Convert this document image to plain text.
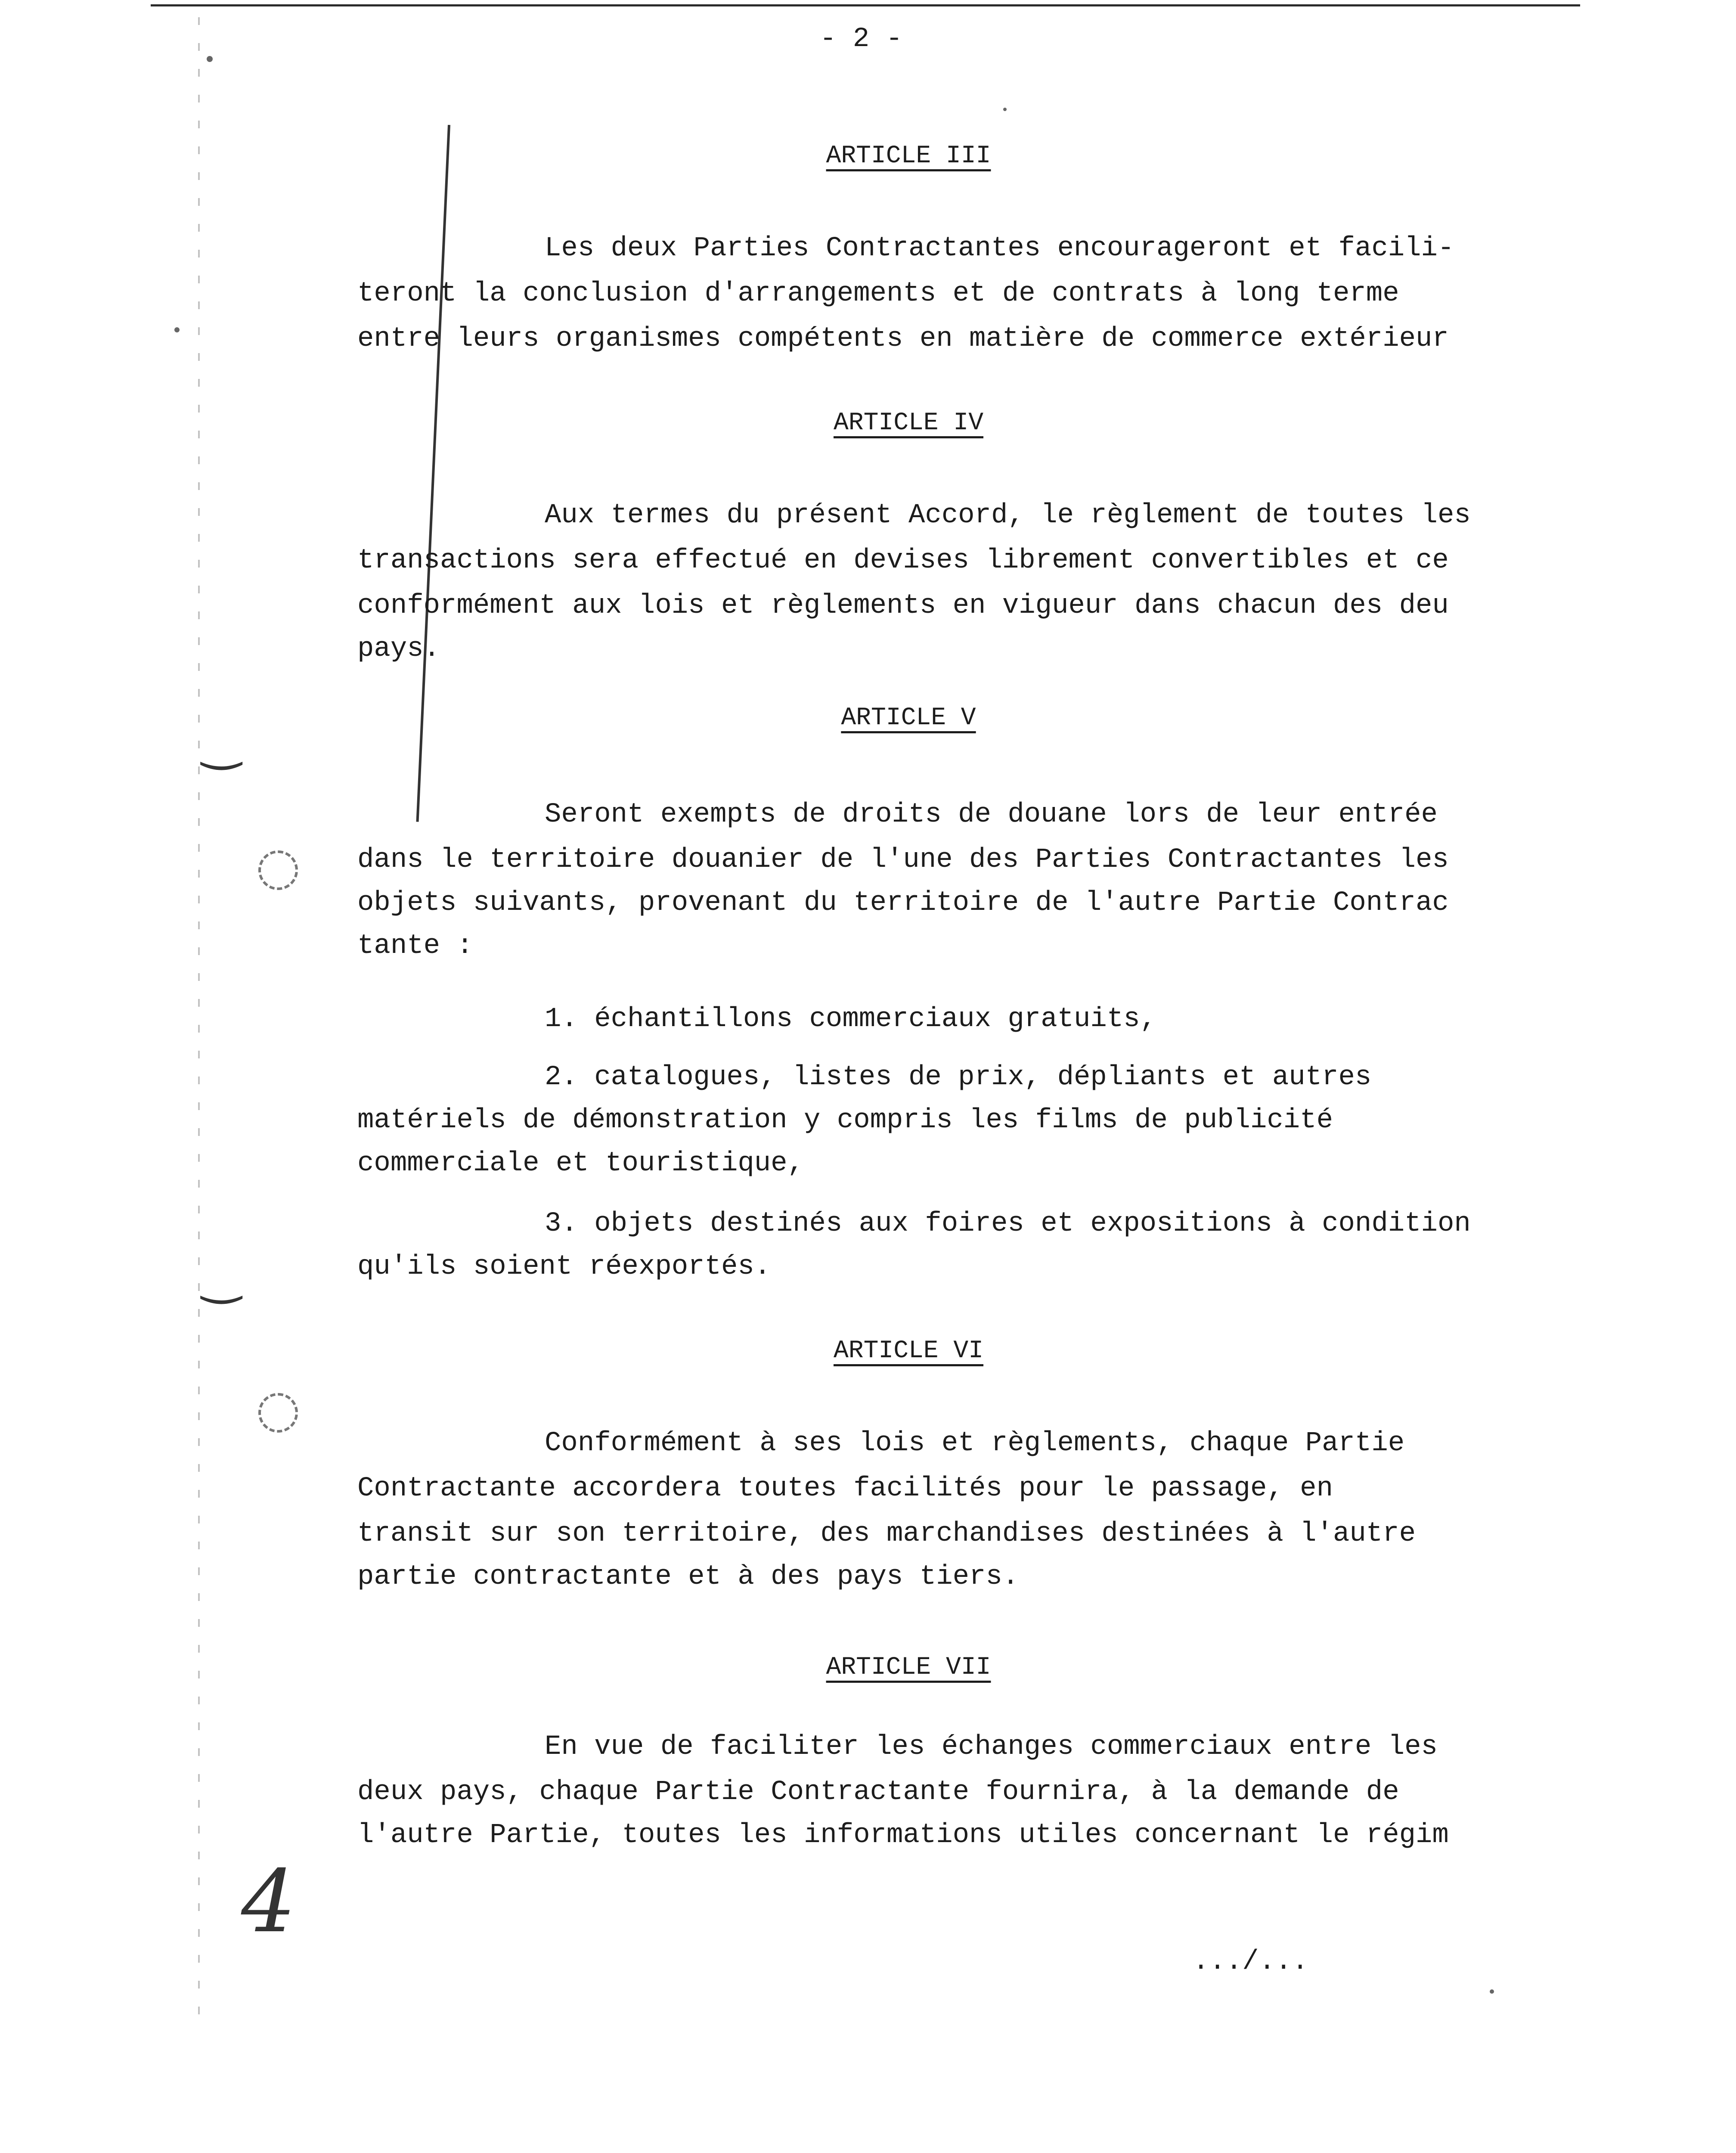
‿
‿
4
- 2 -
ARTICLE III
Les deux Parties Contractantes encourageront et facili-
teront la conclusion d'arrangements et de contrats à long terme
entre leurs organismes compétents en matière de commerce extérieur
ARTICLE IV
Aux termes du présent Accord, le règlement de toutes les
transactions sera effectué en devises librement convertibles et ce
conformément aux lois et règlements en vigueur dans chacun des deu
pays.
ARTICLE V
Seront exempts de droits de douane lors de leur entrée
dans le territoire douanier de l'une des Parties Contractantes les
objets suivants, provenant du territoire de l'autre Partie Contrac
tante :
1. échantillons commerciaux gratuits,
2. catalogues, listes de prix, dépliants et autres
matériels de démonstration y compris les films de publicité
commerciale et touristique,
3. objets destinés aux foires et expositions à condition
qu'ils soient réexportés.
ARTICLE VI
Conformément à ses lois et règlements, chaque Partie
Contractante accordera toutes facilités pour le passage, en
transit sur son territoire, des marchandises destinées à l'autre
partie contractante et à des pays tiers.
ARTICLE VII
En vue de faciliter les échanges commerciaux entre les
deux pays, chaque Partie Contractante fournira, à la demande de
l'autre Partie, toutes les informations utiles concernant le régim
.../...
